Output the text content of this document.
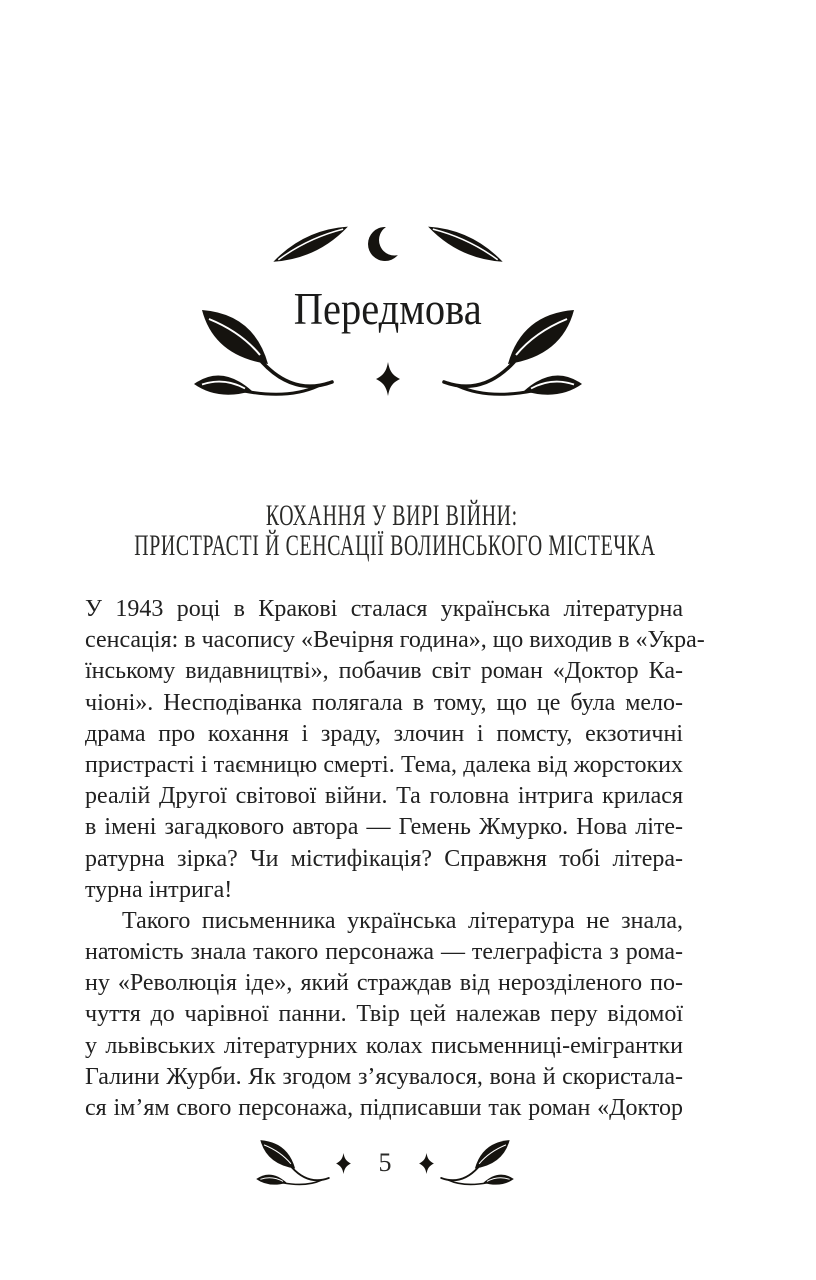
Передмова
КОХАННЯ У ВИРІ ВІЙНИ:
ПРИСТРАСТІ Й СЕНСАЦІЇ ВОЛИНСЬКОГО МІСТЕЧКА
У 1943 році в Кракові сталася українська літературна
сенсація: в часопису «Вечірня година», що виходив в «Укра-
їнському видавництві», побачив світ роман «Доктор Ка-
чіоні». Несподіванка полягала в тому, що це була мело-
драма про кохання і зраду, злочин і помсту, екзотичні
пристрасті і таємницю смерті. Тема, далека від жорстоких
реалій Другої світової війни. Та головна інтрига крилася
в імені загадкового автора — Гемень Жмурко. Нова літе-
ратурна зірка? Чи містифікація? Справжня тобі літера-
турна інтрига!
Такого письменника українська література не знала,
натомість знала такого персонажа — телеграфіста з рома-
ну «Революція іде», який страждав від нерозділеного по-
чуття до чарівної панни. Твір цей належав перу відомої
у львівських літературних колах письменниці-емігрантки
Галини Журби. Як згодом з’ясувалося, вона й скористала-
ся ім’ям свого персонажа, підписавши так роман «Доктор
5
